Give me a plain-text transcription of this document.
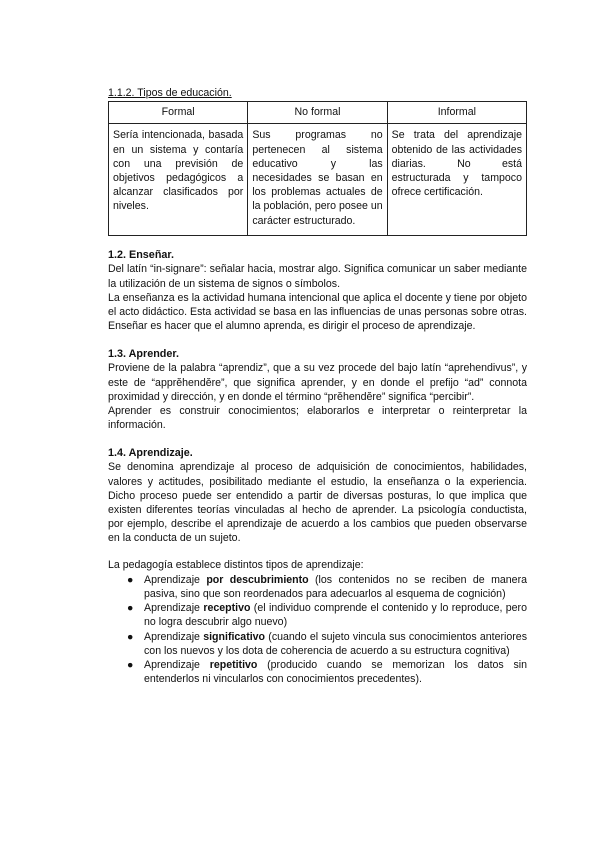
1.1.2. Tipos de educación.
Formal	No formal	Informal
Sería intencionada, basada en un sistema y contaría con una previsión de objetivos pedagógicos a alcanzar clasificados por niveles.	Sus programas no pertenecen al sistema educativo y las necesidades se basan en los problemas actuales de la población, pero posee un carácter estructurado.	Se trata del aprendizaje obtenido de las actividades diarias. No está estructurada y tampoco ofrece certificación.
1.2. Enseñar.

Del latín “in-signare”: señalar hacia, mostrar algo. Significa comunicar un saber mediante la utilización de un sistema de signos o símbolos.

La enseñanza es la actividad humana intencional que aplica el docente y tiene por objeto el acto didáctico. Esta actividad se basa en las influencias de unas personas sobre otras. Enseñar es hacer que el alumno aprenda, es dirigir el proceso de aprendizaje.

1.3. Aprender.

Proviene de la palabra “aprendiz”, que a su vez procede del bajo latín “aprehendivus”, y este de “apprĕhendĕre”, que significa aprender, y en donde el prefijo “ad” connota proximidad y dirección, y en donde el término “prĕhendĕre” significa “percibir”.

Aprender es construir conocimientos; elaborarlos e interpretar o reinterpretar la información.

1.4. Aprendizaje.

Se denomina aprendizaje al proceso de adquisición de conocimientos, habilidades, valores y actitudes, posibilitado mediante el estudio, la enseñanza o la experiencia. Dicho proceso puede ser entendido a partir de diversas posturas, lo que implica que existen diferentes teorías vinculadas al hecho de aprender. La psicología conductista, por ejemplo, describe el aprendizaje de acuerdo a los cambios que pueden observarse en la conducta de un sujeto.

La pedagogía establece distintos tipos de aprendizaje:

● Aprendizaje por descubrimiento (los contenidos no se reciben de manera pasiva, sino que son reordenados para adecuarlos al esquema de cognición)
● Aprendizaje receptivo (el individuo comprende el contenido y lo reproduce, pero no logra descubrir algo nuevo)
● Aprendizaje significativo (cuando el sujeto vincula sus conocimientos anteriores con los nuevos y los dota de coherencia de acuerdo a su estructura cognitiva)
● Aprendizaje repetitivo (producido cuando se memorizan los datos sin entenderlos ni vincularlos con conocimientos precedentes).
